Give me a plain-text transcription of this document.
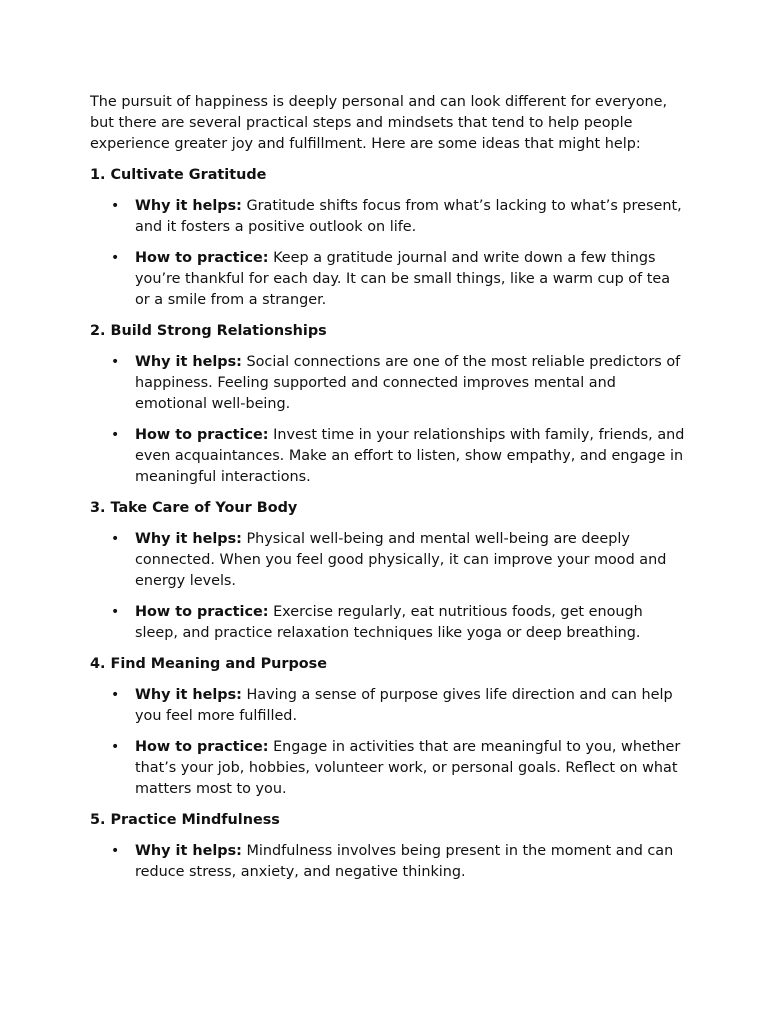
The pursuit of happiness is deeply personal and can look different for everyone, but there are several practical steps and mindsets that tend to help people experience greater joy and fulfillment. Here are some ideas that might help:

1. Cultivate Gratitude

• Why it helps: Gratitude shifts focus from what’s lacking to what’s present, and it fosters a positive outlook on life.
• How to practice: Keep a gratitude journal and write down a few things you’re thankful for each day. It can be small things, like a warm cup of tea or a smile from a stranger.

2. Build Strong Relationships

• Why it helps: Social connections are one of the most reliable predictors of happiness. Feeling supported and connected improves mental and emotional well-being.
• How to practice: Invest time in your relationships with family, friends, and even acquaintances. Make an effort to listen, show empathy, and engage in meaningful interactions.

3. Take Care of Your Body

• Why it helps: Physical well-being and mental well-being are deeply connected. When you feel good physically, it can improve your mood and energy levels.
• How to practice: Exercise regularly, eat nutritious foods, get enough sleep, and practice relaxation techniques like yoga or deep breathing.

4. Find Meaning and Purpose

• Why it helps: Having a sense of purpose gives life direction and can help you feel more fulfilled.
• How to practice: Engage in activities that are meaningful to you, whether that’s your job, hobbies, volunteer work, or personal goals. Reflect on what matters most to you.

5. Practice Mindfulness

• Why it helps: Mindfulness involves being present in the moment and can reduce stress, anxiety, and negative thinking.
